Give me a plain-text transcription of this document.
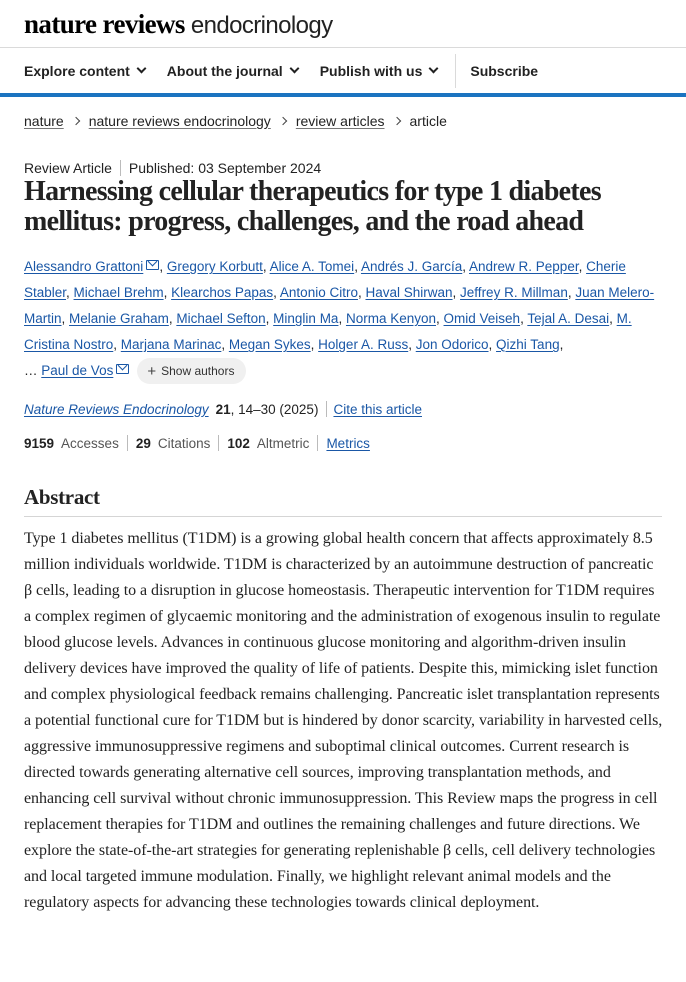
nature reviews endocrinology
Explore content	About the journal	Publish with us	Subscribe
nature nature reviews endocrinology review articles article
Review Article Published: 03 September 2024
Harnessing cellular therapeutics for type 1 diabetes mellitus: progress, challenges, and the road ahead
Alessandro Grattoni , Gregory Korbutt, Alice A. Tomei, Andrés J. García, Andrew R. Pepper, Cherie Stabler, Michael Brehm, Klearchos Papas, Antonio Citro, Haval Shirwan, Jeffrey R. Millman, Juan Melero-Martin, Melanie Graham, Michael Sefton, Minglin Ma, Norma Kenyon, Omid Veiseh, Tejal A. Desai, M. Cristina Nostro, Marjana Marinac, Megan Sykes, Holger A. Russ, Jon Odorico, Qizhi Tang,
… Paul de Vos + Show authors
Nature Reviews Endocrinology 21 , 14–30 (2025) Cite this article
9159 Accesses 29 Citations 102 Altmetric Metrics
Abstract

Type 1 diabetes mellitus (T1DM) is a growing global health concern that affects approximately 8.5 million individuals worldwide. T1DM is characterized by an autoimmune destruction of pancreatic β cells, leading to a disruption in glucose homeostasis. Therapeutic intervention for T1DM requires a complex regimen of glycaemic monitoring and the administration of exogenous insulin to regulate blood glucose levels. Advances in continuous glucose monitoring and algorithm-driven insulin delivery devices have improved the quality of life of patients. Despite this, mimicking islet function and complex physiological feedback remains challenging. Pancreatic islet transplantation represents a potential functional cure for T1DM but is hindered by donor scarcity, variability in harvested cells, aggressive immunosuppressive regimens and suboptimal clinical outcomes. Current research is directed towards generating alternative cell sources, improving transplantation methods, and enhancing cell survival without chronic immunosuppression. This Review maps the progress in cell replacement therapies for T1DM and outlines the remaining challenges and future directions. We explore the state-of-the-art strategies for generating replenishable β cells, cell delivery technologies and local targeted immune modulation. Finally, we highlight relevant animal models and the regulatory aspects for advancing these technologies towards clinical deployment.
